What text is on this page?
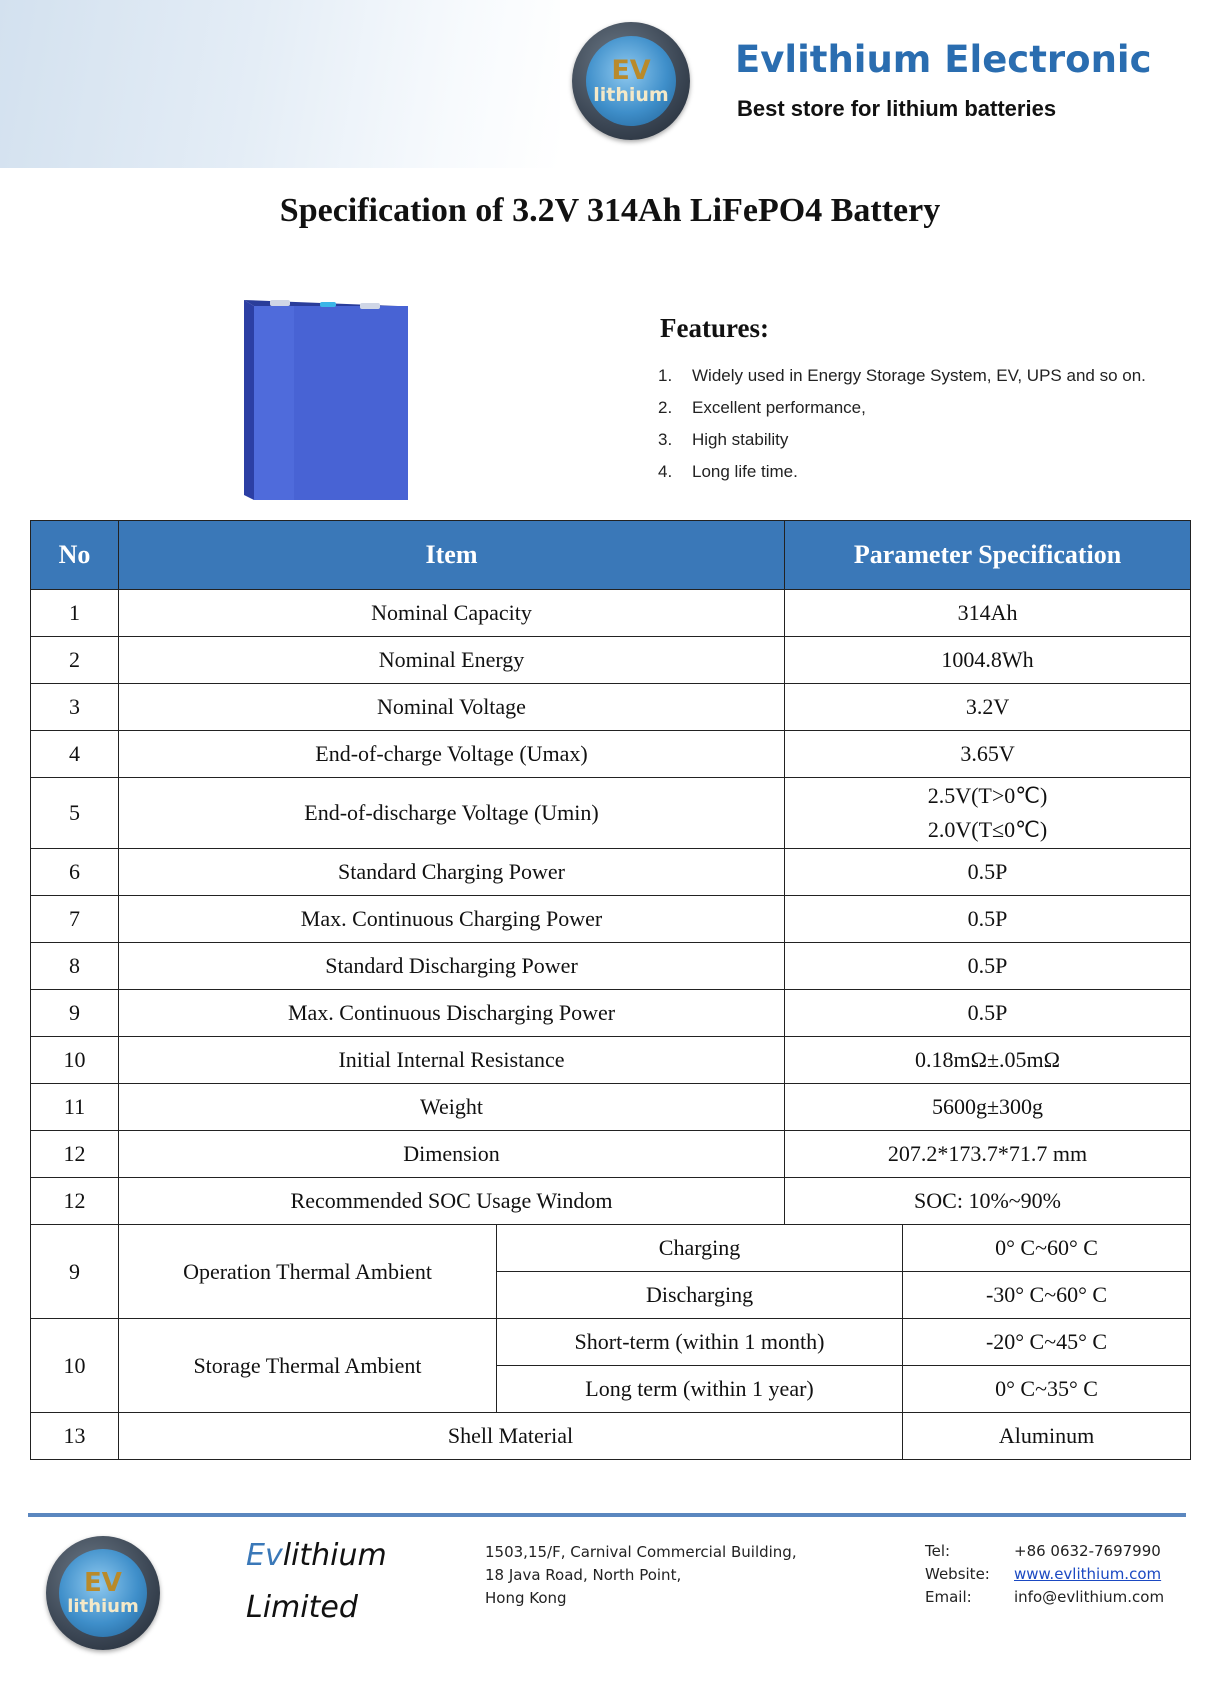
EV
lithium
Evlithium Electronic
Best store for lithium batteries
Specification of 3.2V 314Ah LiFePO4 Battery
Features:
1. Widely used in Energy Storage System, EV, UPS and so on.
2. Excellent performance,
3. High stability
4. Long life time.
No	Item		Parameter Specification	
1	Nominal Capacity		314Ah	
2	Nominal Energy		1004.8Wh	
3	Nominal Voltage		3.2V	
4	End-of-charge Voltage (Umax)		3.65V	
5	End-of-discharge Voltage (Umin)		2.5V(T>0℃)
2.0V(T≤0℃)	

6	Standard Charging Power		0.5P	
7	Max. Continuous Charging Power		0.5P	
8	Standard Discharging Power		0.5P	
9	Max. Continuous Discharging Power		0.5P	
10	Initial Internal Resistance		0.18mΩ±.05mΩ	
11	Weight		5600g±300g	
12	Dimension		207.2*173.7*71.7 mm	
12	Recommended SOC Usage Windom		SOC: 10%~90%	
9	Operation Thermal Ambient	Charging		0° C~60° C
		Discharging		-30° C~60° C
10	Storage Thermal Ambient	Short-term (within 1 month)		-20° C~45° C
		Long term (within 1 year)		0° C~35° C
13	Shell Material			Aluminum
EV
lithium
Evlithium
Limited
1503,15/F, Carnival Commercial Building,
18 Java Road, North Point,
Hong Kong
Tel:	+86 0632-7697990
Website: www.evlithium.com
Email:	info@evlithium.com
